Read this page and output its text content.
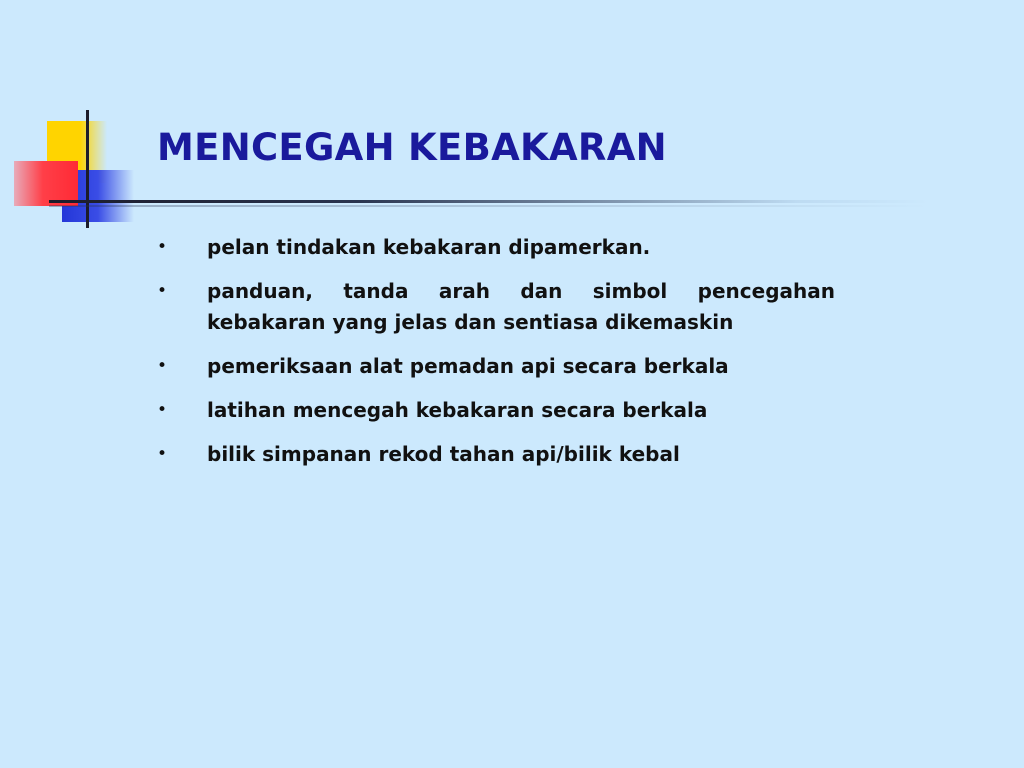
MENCEGAH KEBAKARAN
• pelan tindakan kebakaran dipamerkan.
• panduan, tanda arah dan simbol pencegahan kebakaran yang jelas dan sentiasa dikemaskin
• pemeriksaan alat pemadan api secara berkala
• latihan mencegah kebakaran secara berkala
• bilik simpanan rekod tahan api/bilik kebal
